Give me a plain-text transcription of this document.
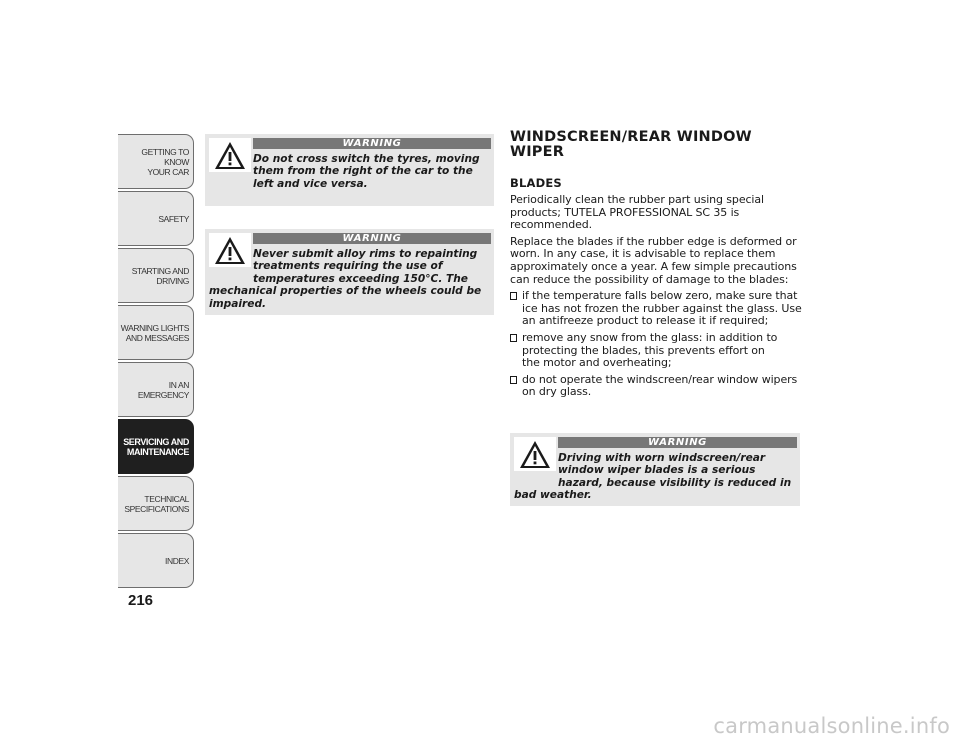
GETTING TO KNOW
YOUR CAR
SAFETY
STARTING AND
DRIVING
WARNING LIGHTS
AND MESSAGES
IN AN EMERGENCY
SERVICING AND
MAINTENANCE
TECHNICAL
SPECIFICATIONS
INDEX
216
WARNING
Do not cross switch the tyres, moving them from the right of the car to the left and vice versa.
WARNING
Never submit alloy rims to repainting treatments requiring the use of temperatures exceeding 150°C. The mechanical properties of the wheels could be impaired.
WINDSCREEN/REAR WINDOW WIPER
BLADES

Periodically clean the rubber part using special products; TUTELA PROFESSIONAL SC 35 is recommended.

Replace the blades if the rubber edge is deformed or worn. In any case, it is advisable to replace them approximately once a year. A few simple precautions can reduce the possibility of damage to the blades:

if the temperature falls below zero, make sure that ice has not frozen the rubber against the glass. Use an antifreeze product to release it if required;
remove any snow from the glass: in addition to protecting the blades, this prevents effort on
the motor and overheating;
do not operate the windscreen/rear window wipers on dry glass.
WARNING
Driving with worn windscreen/rear window wiper blades is a serious hazard, because visibility is reduced in bad weather.
carmanualsonline.info
